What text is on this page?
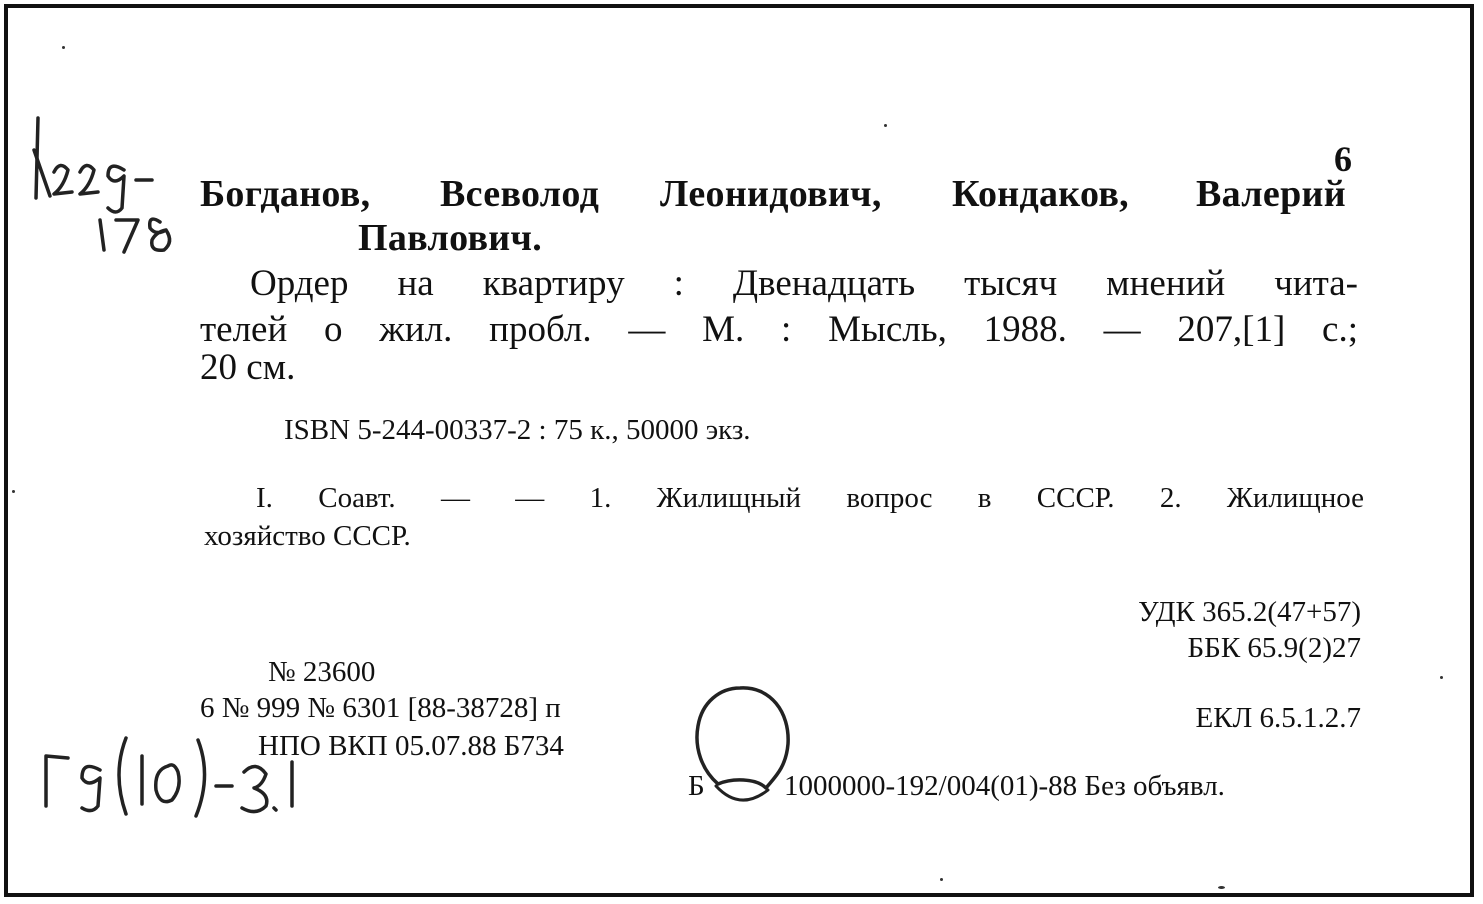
6
Богданов, Всеволод Леонидович, Кондаков, Валерий
Павлович.
Ордер на квартиру : Двенадцать тысяч мнений чита-
телей о жил. пробл. — М. : Мысль, 1988. — 207,[1] с.;
20 см.
ISBN 5-244-00337-2 : 75 к., 50000 экз.
I. Соавт. — — 1. Жилищный вопрос в СССР. 2. Жилищное
хозяйство СССР.
УДК 365.2(47+57)
ББК 65.9(2)27
№ 23600
6 № 999 № 6301 [88-38728] п
НПО ВКП 05.07.88 Б734
ЕКЛ 6.5.1.2.7
Б	1000000-192/004(01)-88 Без объявл.
